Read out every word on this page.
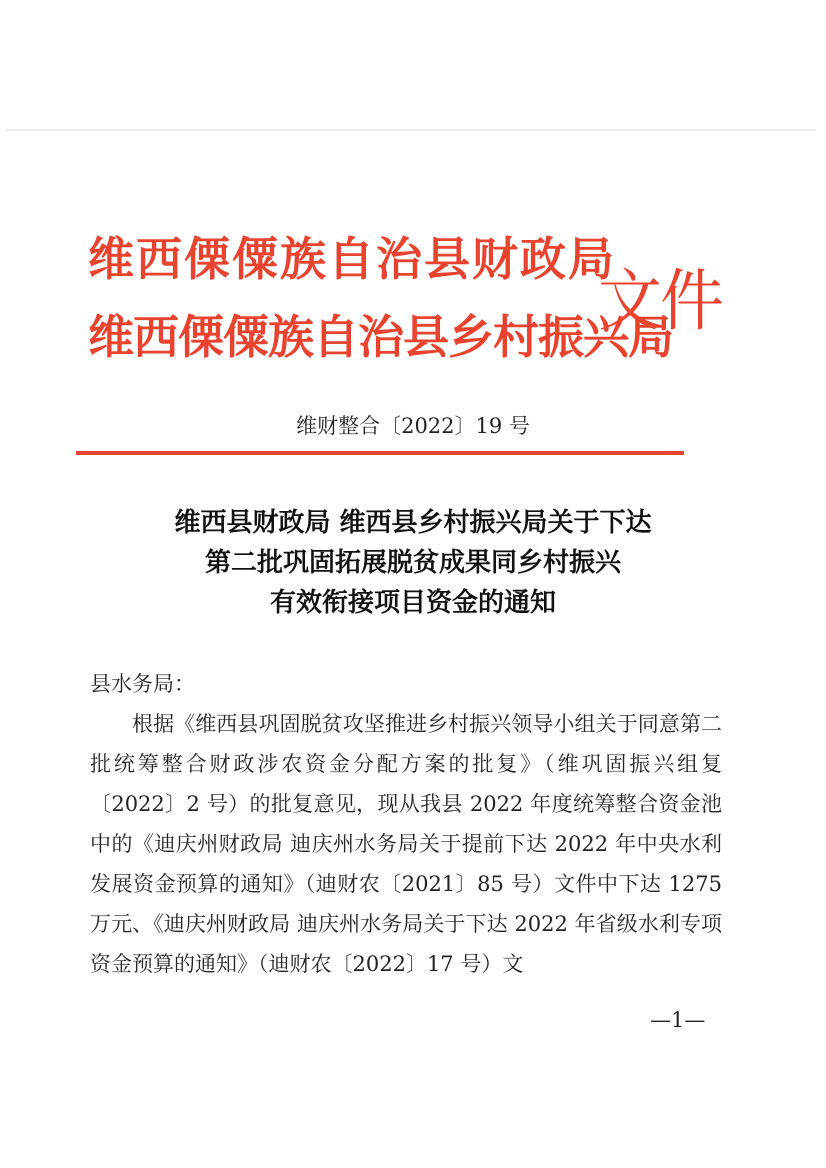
维西傈僳族自治县财政局
维西傈僳族自治县乡村振兴局
文件
维财整合〔2022〕19 号
维西县财政局 维西县乡村振兴局关于下达
第二批巩固拓展脱贫成果同乡村振兴
有效衔接项目资金的通知
县水务局：
根据《维西县巩固脱贫攻坚推进乡村振兴领导小组关于同意第二批统筹整合财政涉农资金分配方案的批复》（维巩固振兴组复〔2022〕2 号）的批复意见，现从我县 2022 年度统筹整合资金池中的《迪庆州财政局 迪庆州水务局关于提前下达 2022 年中央水利发展资金预算的通知》（迪财农〔2021〕85 号）文件中下达 1275 万元、《迪庆州财政局 迪庆州水务局关于下达 2022 年省级水利专项资金预算的通知》（迪财农〔2022〕17 号）文
—1—
